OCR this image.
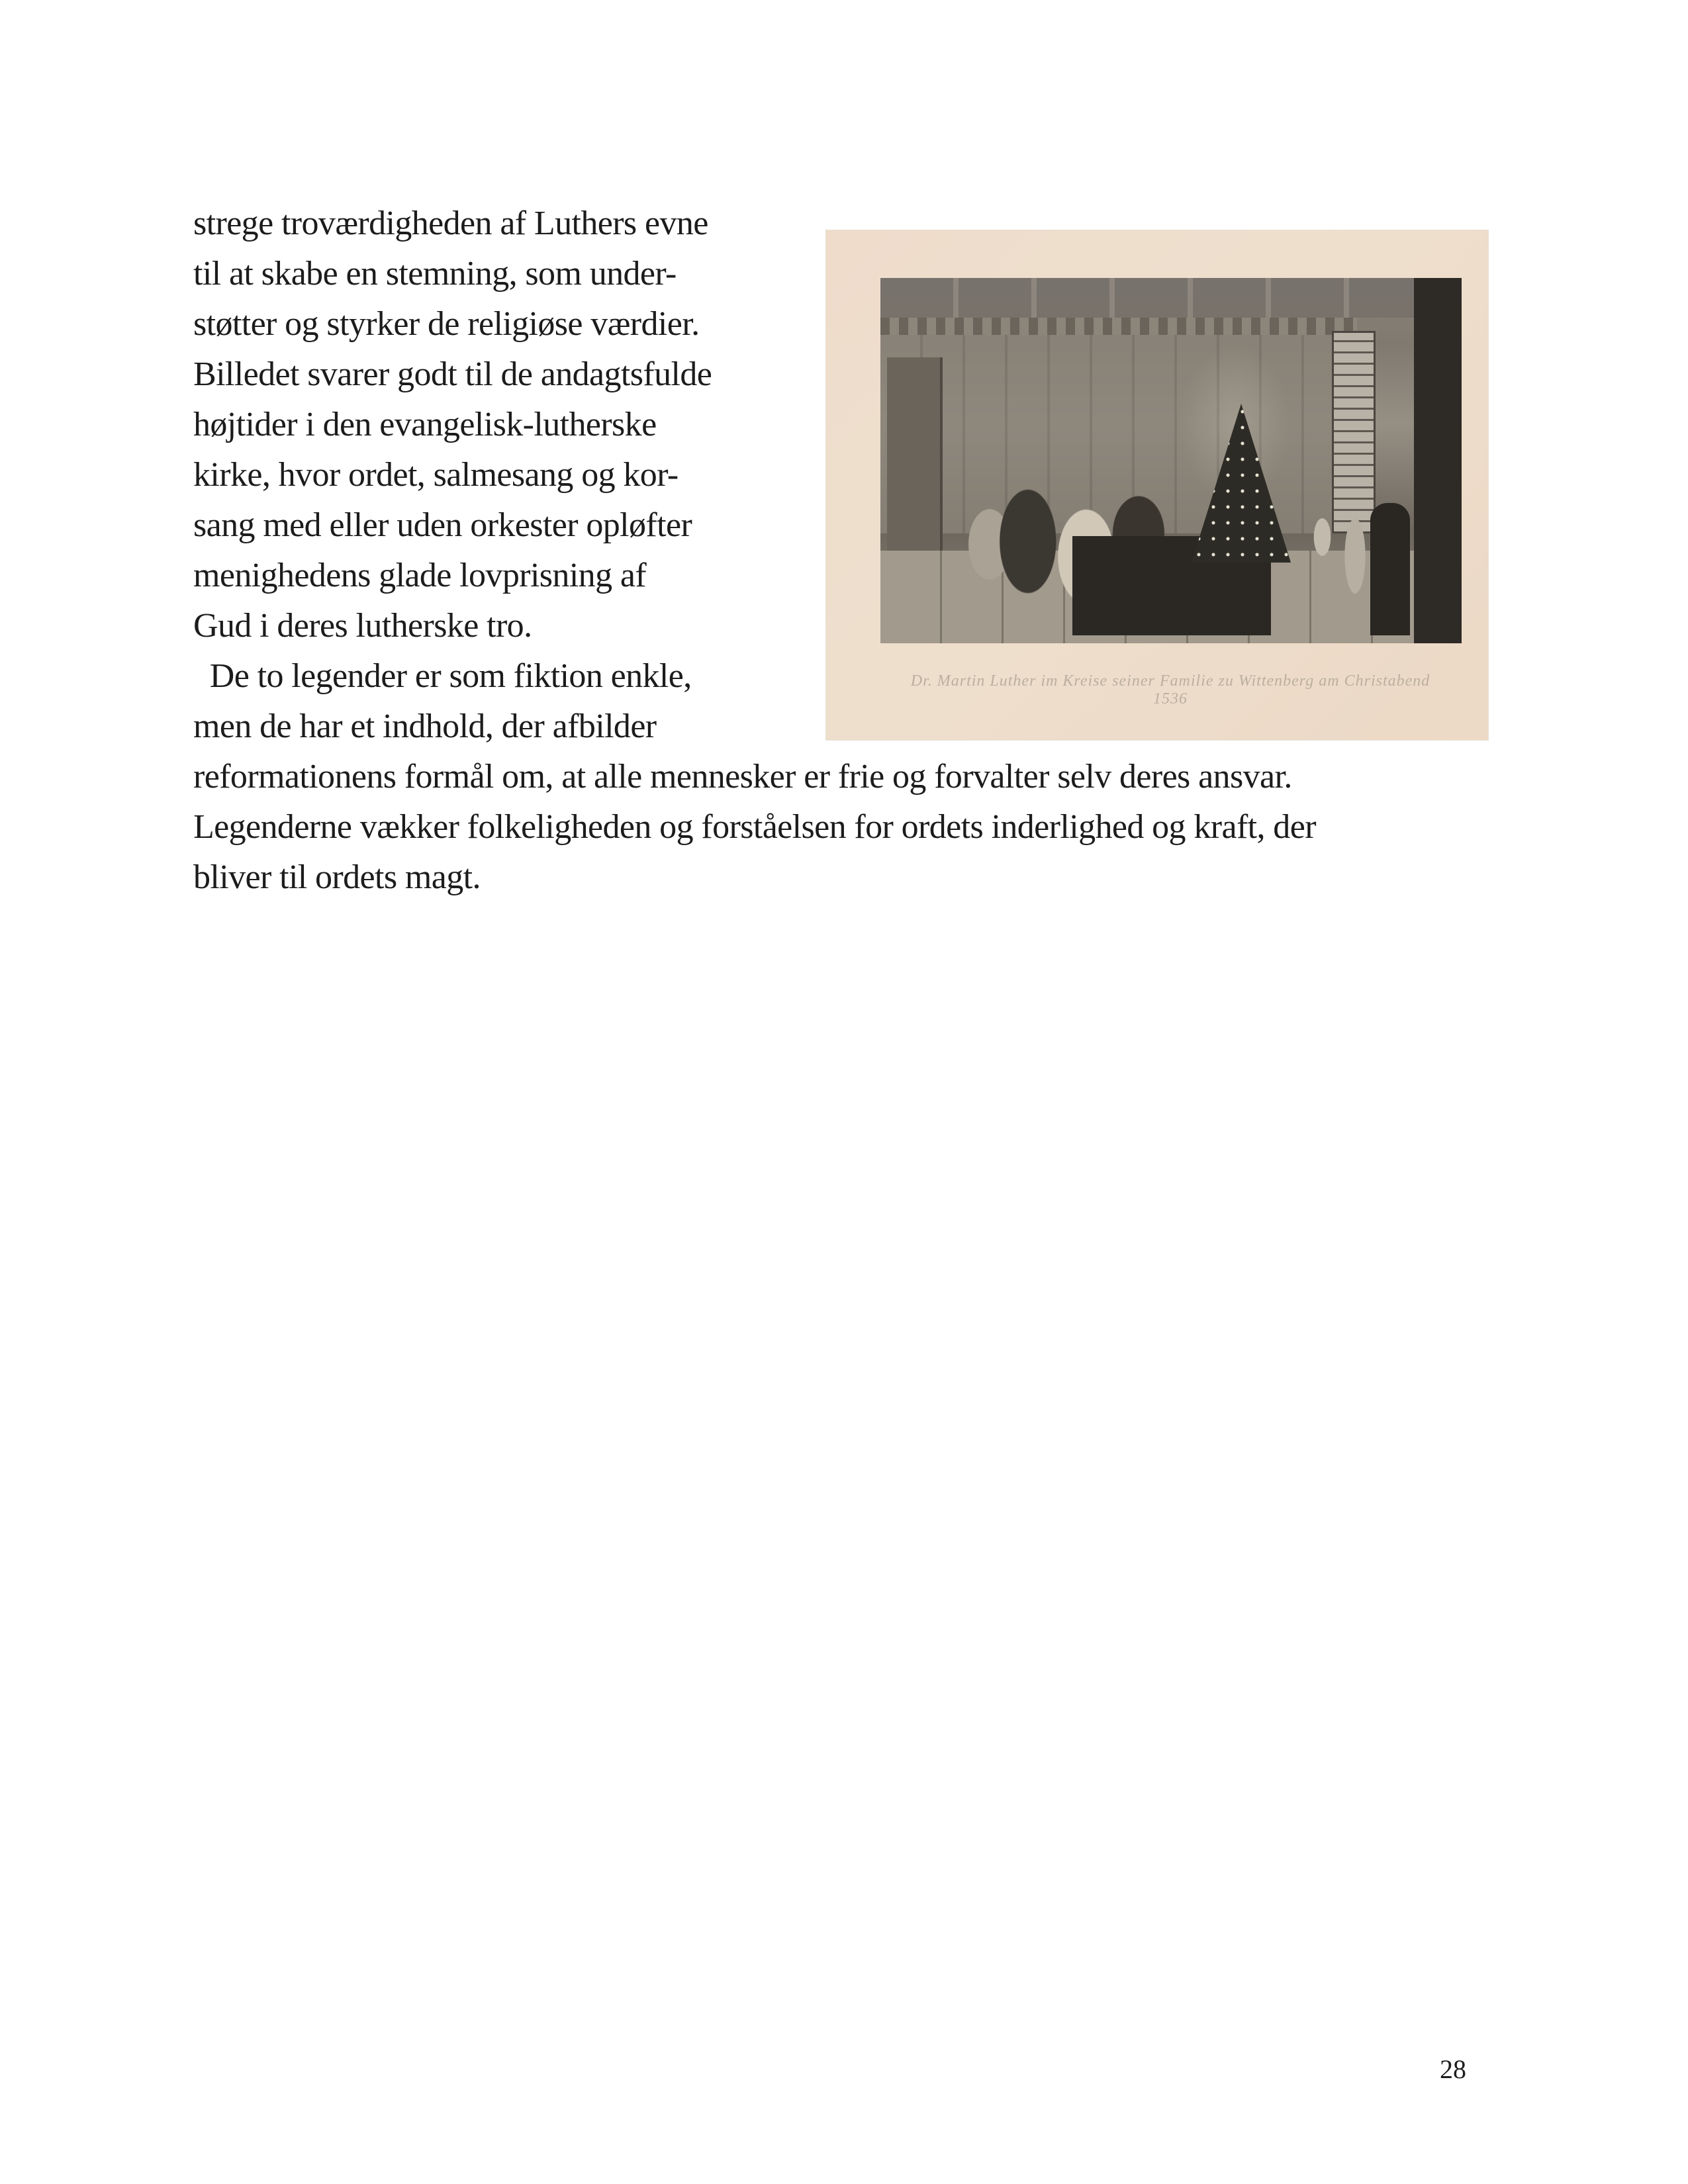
strege troværdigheden af Luthers evne
til at skabe en stemning, som under-
støtter og styrker de religiøse værdier.
Billedet svarer godt til de andagtsfulde
højtider i den evangelisk-lutherske
kirke, hvor ordet, salmesang og kor-
sang med eller uden orkester opløfter
menighedens glade lovprisning af
Gud i deres lutherske tro.
De to legender er som fiktion enkle,
men de har et indhold, der afbilder
reformationens formål om, at alle mennesker er frie og forvalter selv deres ansvar.
Legenderne vækker folkeligheden og forståelsen for ordets inderlighed og kraft, der
bliver til ordets magt.
Dr. Martin Luther im Kreise seiner Familie zu Wittenberg am Christabend 1536
28
